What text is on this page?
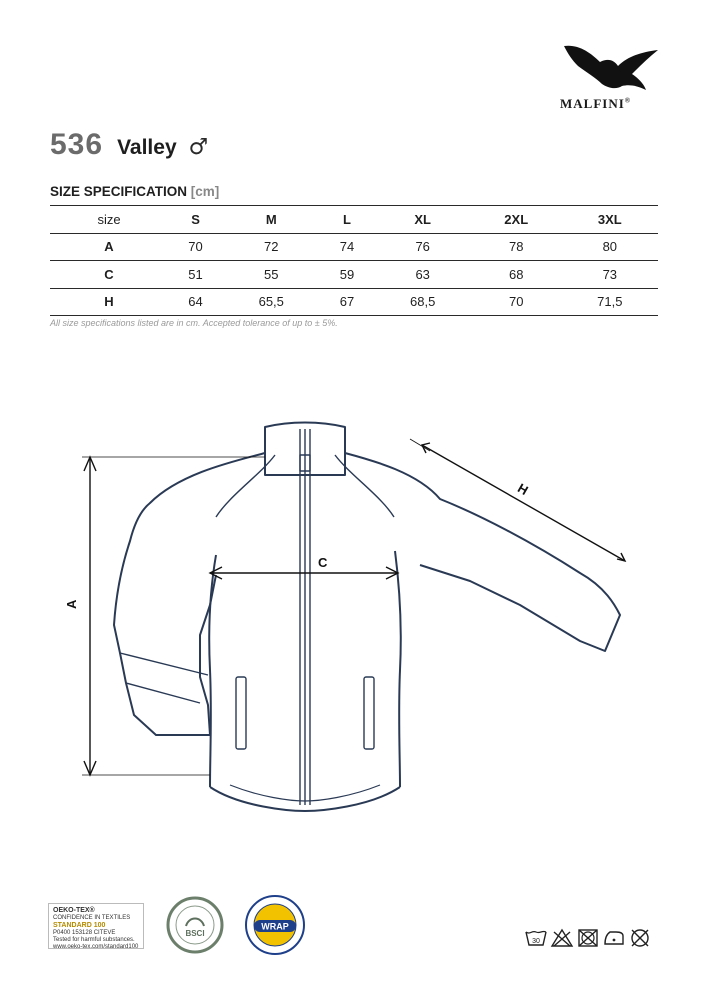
MALFINI®
536 Valley ♂
SIZE SPECIFICATION [cm]
size	S	M	L	XL	2XL	3XL
A	70	72	74	76	78	80
C	51	55	59	63	68	73
H	64	65,5	67	68,5	70	71,5
All size specifications listed are in cm. Accepted tolerance of up to ± 5%.
A
C
H
OEKO-TEX®
CONFIDENCE IN TEXTILES
STANDARD 100
P0400 153128 CITEVE
Tested for harmful substances.
www.oeko-tex.com/standard100
BSCI
WRAP
30
